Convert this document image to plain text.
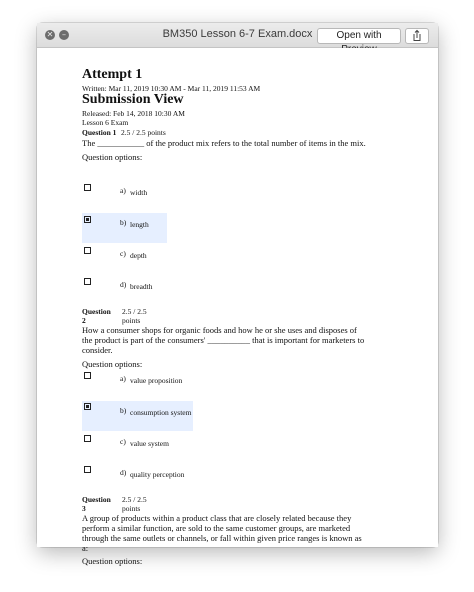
✕	–	BM350 Lesson 6-7 Exam.docx	Open with
Attempt 1
Written: Mar 11, 2019 10:30 AM - Mar 11, 2019 11:53 AM
Submission View
Released: Feb 14, 2018 10:30 AM
Lesson 6 Exam
Question 1 2.5 / 2.5 points
The ___________ of the product mix refers to the total number of items in the mix.
Question options:
a) width
b) length
c) depth
d) breadth
Question
2
2.5 / 2.5
points
How a consumer shops for organic foods and how he or she uses and disposes of
the product is part of the consumers' __________ that is important for marketers to
consider.
Question options:
a) value proposition
b) consumption system
c) value system
d) quality perception
Question
3
2.5 / 2.5
points
A group of products within a product class that are closely related because they
perform a similar function, are sold to the same customer groups, are marketed
through the same outlets or channels, or fall within given price ranges is known as
a:
Question options:
